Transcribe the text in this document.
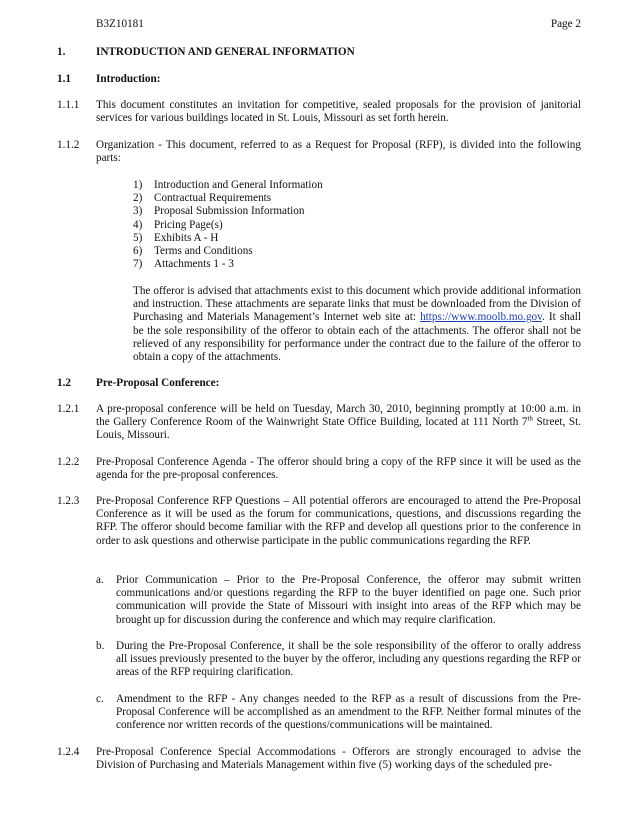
B3Z10181	Page 2
1.	INTRODUCTION AND GENERAL INFORMATION
1.1	Introduction:
1.1.1	This document constitutes an invitation for competitive, sealed proposals for the provision of janitorial services for various buildings located in St. Louis, Missouri as set forth herein.
1.1.2	Organization - This document, referred to as a Request for Proposal (RFP), is divided into the following parts:
1)	Introduction and General Information
2)	Contractual Requirements
3)	Proposal Submission Information
4)	Pricing Page(s)
5)	Exhibits A - H
6)	Terms and Conditions
7)	Attachments 1 - 3
The offeror is advised that attachments exist to this document which provide additional information and instruction. These attachments are separate links that must be downloaded from the Division of Purchasing and Materials Management’s Internet web site at: https://www.moolb.mo.gov. It shall be the sole responsibility of the offeror to obtain each of the attachments. The offeror shall not be relieved of any responsibility for performance under the contract due to the failure of the offeror to obtain a copy of the attachments.
1.2	Pre-Proposal Conference:
1.2.1	A pre-proposal conference will be held on Tuesday, March 30, 2010, beginning promptly at 10:00 a.m. in the Gallery Conference Room of the Wainwright State Office Building, located at 111 North 7th Street, St. Louis, Missouri.
1.2.2	Pre-Proposal Conference Agenda - The offeror should bring a copy of the RFP since it will be used as the agenda for the pre-proposal conferences.
1.2.3	Pre-Proposal Conference RFP Questions – All potential offerors are encouraged to attend the Pre-Proposal Conference as it will be used as the forum for communications, questions, and discussions regarding the RFP. The offeror should become familiar with the RFP and develop all questions prior to the conference in order to ask questions and otherwise participate in the public communications regarding the RFP.
a.	Prior Communication – Prior to the Pre-Proposal Conference, the offeror may submit written communications and/or questions regarding the RFP to the buyer identified on page one. Such prior communication will provide the State of Missouri with insight into areas of the RFP which may be brought up for discussion during the conference and which may require clarification.
b.	During the Pre-Proposal Conference, it shall be the sole responsibility of the offeror to orally address all issues previously presented to the buyer by the offeror, including any questions regarding the RFP or areas of the RFP requiring clarification.
c.	Amendment to the RFP - Any changes needed to the RFP as a result of discussions from the Pre-Proposal Conference will be accomplished as an amendment to the RFP. Neither formal minutes of the conference nor written records of the questions/communications will be maintained.
1.2.4	Pre-Proposal Conference Special Accommodations - Offerors are strongly encouraged to advise the Division of Purchasing and Materials Management within five (5) working days of the scheduled pre-
